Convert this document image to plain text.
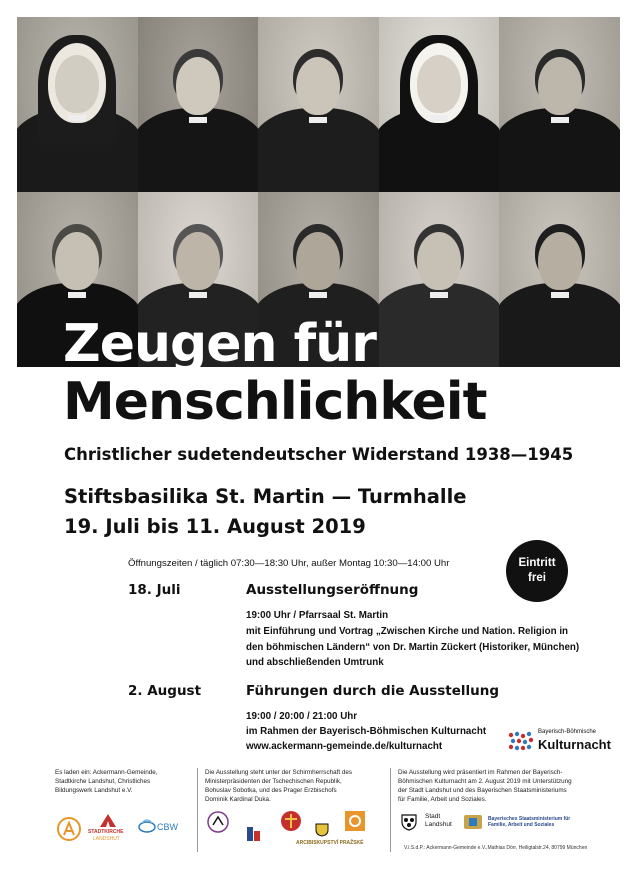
Zeugen für
Menschlichkeit
Christlicher sudetendeutscher Widerstand 1938—1945
Stiftsbasilika St. Martin — Turmhalle
19. Juli bis 11. August 2019
Öffnungszeiten / täglich 07:30—18:30 Uhr, außer Montag 10:30—14:00 Uhr	Eintritt
frei
18. Juli	Ausstellungseröffnung
19:00 Uhr / Pfarrsaal St. Martin
mit Einführung und Vortrag „Zwischen Kirche und Nation. Religion in
den böhmischen Ländern“ von Dr. Martin Zückert (Historiker, München)
und abschließenden Umtrunk
2. August	Führungen durch die Ausstellung
19:00 / 20:00 / 21:00 Uhr
im Rahmen der Bayerisch-Böhmischen Kulturnacht
www.ackermann-gemeinde.de/kulturnacht
Bayerisch-Böhmische
Kulturnacht
Es laden ein: Ackermann-Gemeinde,
Stadtkirche Landshut, Christliches
Bildungswerk Landshut e.V.
Die Ausstellung steht unter der Schirmherrschaft des
Ministerpräsidenten der Tschechischen Republik,
Bohuslav Sobotka, und des Prager Erzbischofs
Dominik Kardinal Duka.
Die Ausstellung wird präsentiert im Rahmen der Bayerisch-
Böhmischen Kulturnacht am 2. August 2019 mit Unterstützung
der Stadt Landshut und des Bayerischen Staatsministeriums
für Familie, Arbeit und Soziales.
STADTKIRCHE
LANDSHUT
CBW
ARCIBISKUPSTVÍ PRAŽSKÉ
Stadt
Landshut
Bayerisches Staatsministerium für Familie, Arbeit und Soziales
V.i.S.d.P.: Ackermann-Gemeinde e.V.,Mathias Dörr, Heiligtalstr.24, 80799 München
